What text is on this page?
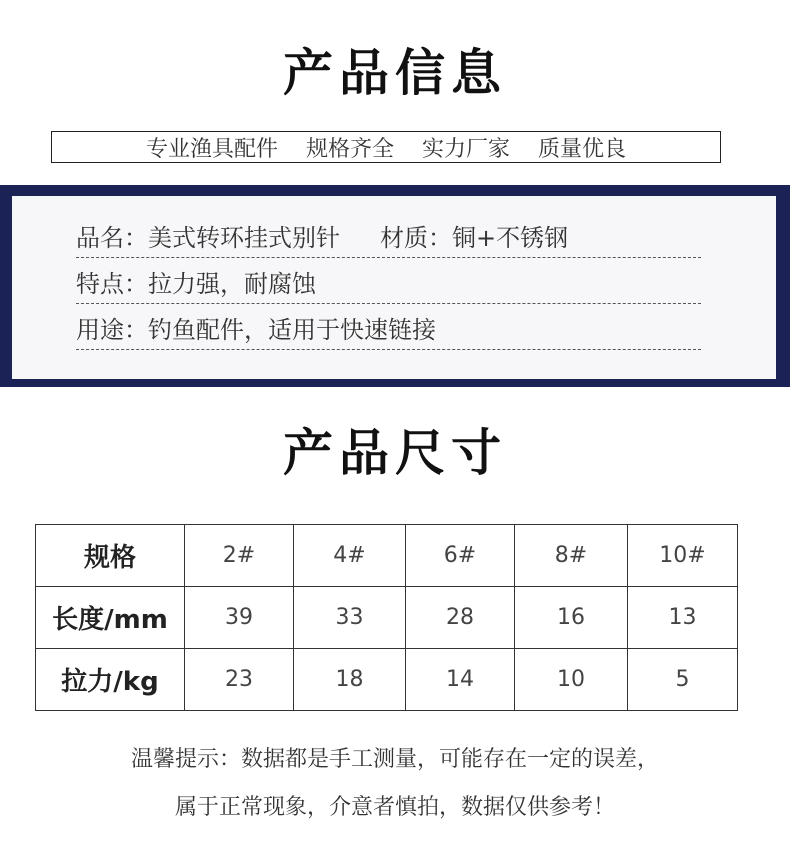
产品信息
专业渔具配件 规格齐全 实力厂家 质量优良
品名：美式转环挂式别针 材质：铜+不锈钢
特点：拉力强，耐腐蚀
用途：钓鱼配件，适用于快速链接
产品尺寸
规格	2#	4#	6#	8#	10#
长度/mm	39	33	28	16	13
拉力/kg	23	18	14	10	5
温馨提示：数据都是手工测量，可能存在一定的误差，
属于正常现象，介意者慎拍，数据仅供参考！
